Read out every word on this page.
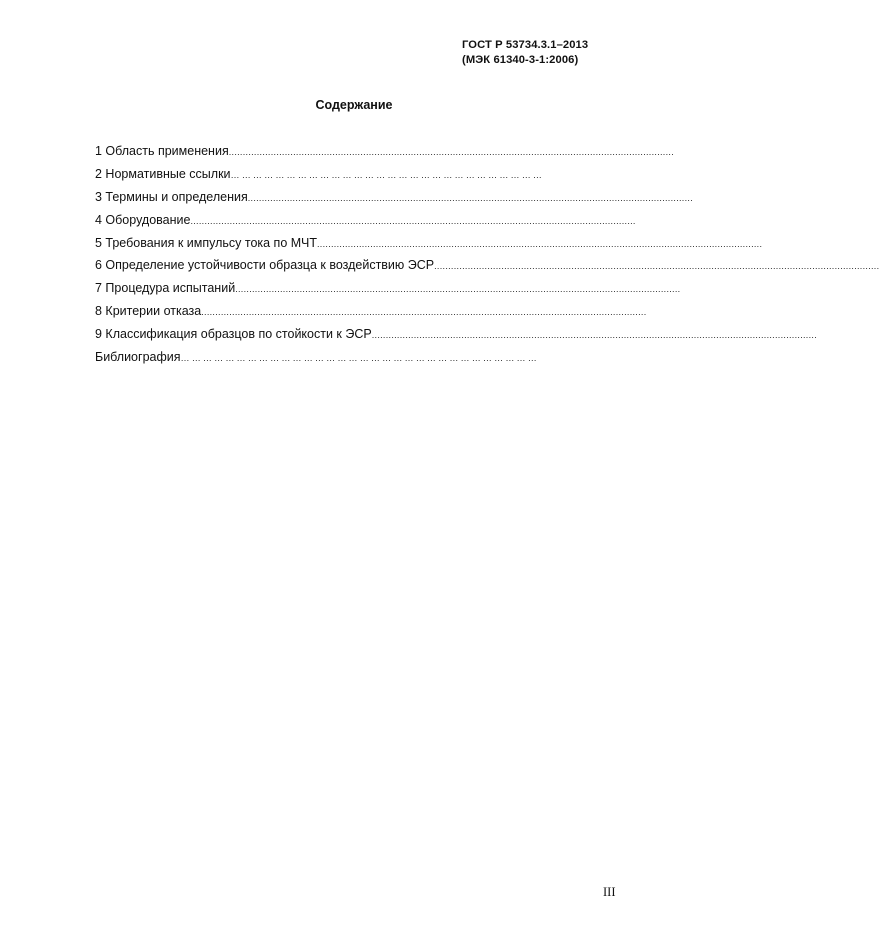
ГОСТ Р 53734.3.1–2013
(МЭК 61340-3-1:2006)
Содержание
1 Область применения ...............................................................................................................................................................
2 Нормативные ссылки …………………………………………………………………………
3 Термины и определения ...............................................................................................................................................................
4 Оборудование ...............................................................................................................................................................
5 Требования к импульсу тока по МЧТ ...............................................................................................................................................................
6 Определение устойчивости образца к воздействию ЭСР ...............................................................................................................................................................
7 Процедура испытаний ...............................................................................................................................................................
8 Критерии отказа ...............................................................................................................................................................
9 Классификация образцов по стойкости к ЭСР ...............................................................................................................................................................
Библиография ……………………………………………………………………………………
III
